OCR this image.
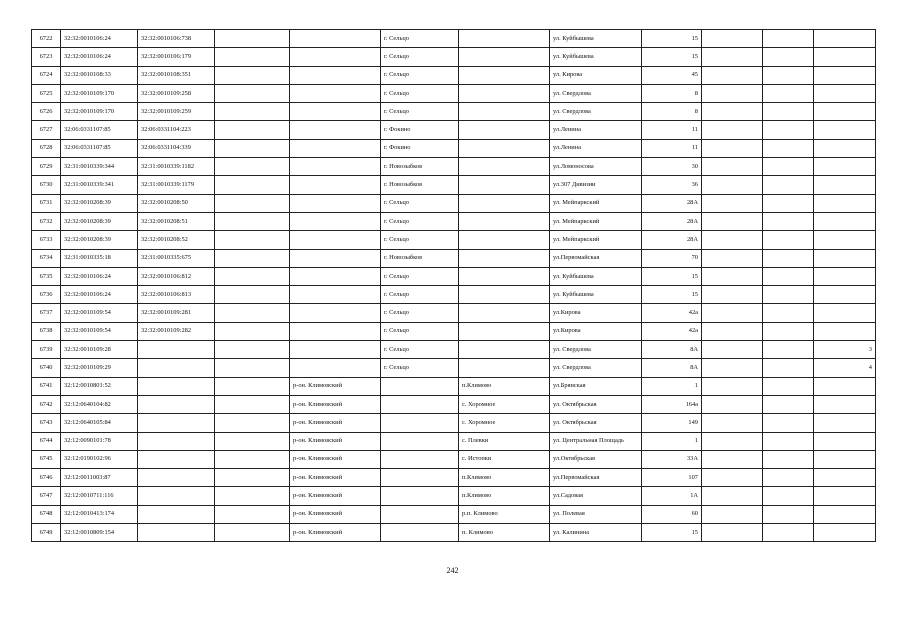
6722	32:32:0010106:24	32:32:0010106:738			г. Сельцо		ул. Куйбышева	15			
6723	32:32:0010106:24	32:32:0010106:179			г. Сельцо		ул. Куйбышева	15			
6724	32:32:0010108:33	32:32:0010108:351			г. Сельцо		ул. Кирова	45			
6725	32:32:0010109:170	32:32:0010109:258			г. Сельцо		ул. Свердлова	8			
6726	32:32:0010109:170	32:32:0010109:259			г. Сельцо		ул. Свердлова	8			
6727	32:06:0331107:85	32:06:0331104:223			г. Фокино		ул.Ленина	11			
6728	32:06:0331107:85	32:06:0331104:339			г. Фокино		ул.Ленина	11			
6729	32:31:0010339:344	32:31:0010339:1182			г. Новозыбков		ул.Ломоносова	30			
6730	32:31:0010339:341	32:31:0010339:1179			г. Новозыбков		ул.307 Дивизии	36			
6731	32:32:0010208:39	32:32:0010208:50			г. Сельцо		ул. Мейпаркский	28А			
6732	32:32:0010208:39	32:32:0010208:51			г. Сельцо		ул. Мейпаркский	28А			
6733	32:32:0010208:39	32:32:0010208:52			г. Сельцо		ул. Мейпаркский	28А			
6734	32:31:0010335:18	32:31:0010335:675			г. Новозыбков		ул.Первомайская	70			
6735	32:32:0010106:24	32:32:0010106:812			г. Сельцо		ул. Куйбышева	15			
6736	32:32:0010106:24	32:32:0010106:813			г. Сельцо		ул. Куйбышева	15			
6737	32:32:0010109:54	32:32:0010109:281			г. Сельцо		ул.Кирова	42а			
6738	32:32:0010109:54	32:32:0010109:282			г. Сельцо		ул.Кирова	42а			
6739	32:32:0010109:28				г. Сельцо		ул. Свердлова	8А			3
6740	32:32:0010109:29				г. Сельцо		ул. Свердлова	8А			4
6741	32:12:0010801:52			р-он. Климовский		п.Климово	ул.Брянская	1			
6742	32:12:0640104:82			р-он. Климовский		с. Хоромное	ул. Октябрьская	164а			
6743	32:12:0640105:84			р-он. Климовский		с. Хоромное	ул. Октябрьская	149			
6744	32:12:0090101:78			р-он. Климовский		с. Плевки	ул. Центральная Площадь	1			
6745	32:12:0190102:96			р-он. Климовский		с. Истопки	ул.Октябрьская	33А			
6746	32:12:0011003:87			р-он. Климовский		п.Климово	ул.Первомайская	107			
6747	32:12:0010711:116			р-он. Климовский		п.Климово	ул.Садовая	1А			
6748	32:12:0010413:174			р-он. Климовский		р.п. Климово	ул. Полевая	60			
6749	32:12:0010809:154			р-он. Климовский		п. Климово	ул. Калинина	15			
242
